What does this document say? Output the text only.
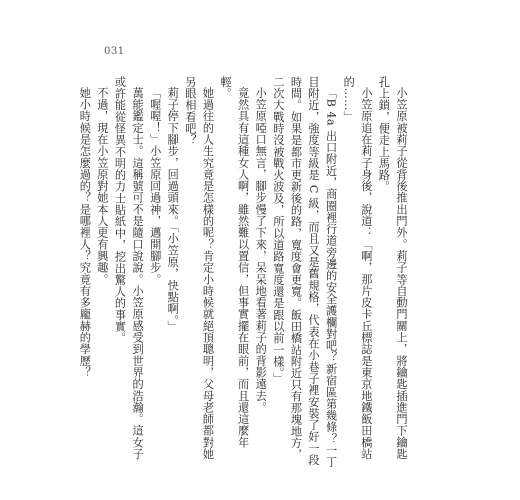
031

小笠原被莉子從背後推出門外。莉子等自動門關上，將鑰匙插進門下鑰匙孔上鎖，便走上馬路。

小笠原追在莉子身後，說道：「啊，那片皮卡丘標誌是東京地鐵飯田橋站的……」

「B 4a 出口附近，商圈裡行道旁邊的安全護欄對吧？新宿區第幾條？一丁目附近，強度等級是 C 級，而且又是舊規格，代表在小巷子裡安裝了好一段時間。如果是都市更新後的路，寬度會更寬。飯田橋站附近只有那塊地方，二次大戰時沒被戰火波及，所以道路寬度還是跟以前一樣。」

小笠原啞口無言，腳步慢了下來，呆呆地看著莉子的背影遠去。

竟然具有這種女人啊，雖然難以置信，但事實擺在眼前，而且還這麼年輕。

她過往的人生究竟是怎樣的呢？肯定小時候就絕頂聰明，父母老師都對她另眼相看吧？

莉子停下腳步，回過頭來。「小笠原，快點啊。」

「喔喔！」小笠原回過神，邁開腳步。

萬能鑑定士。這稱號可不是隨口說說。小笠原感受到世界的浩瀚。這女子或許能從怪異不明的力士貼紙中，挖出驚人的事實。

不過，現在小笠原對她本人更有興趣。

她小時候是怎麼過的？是哪裡人？究竟有多龐赫的學歷？
